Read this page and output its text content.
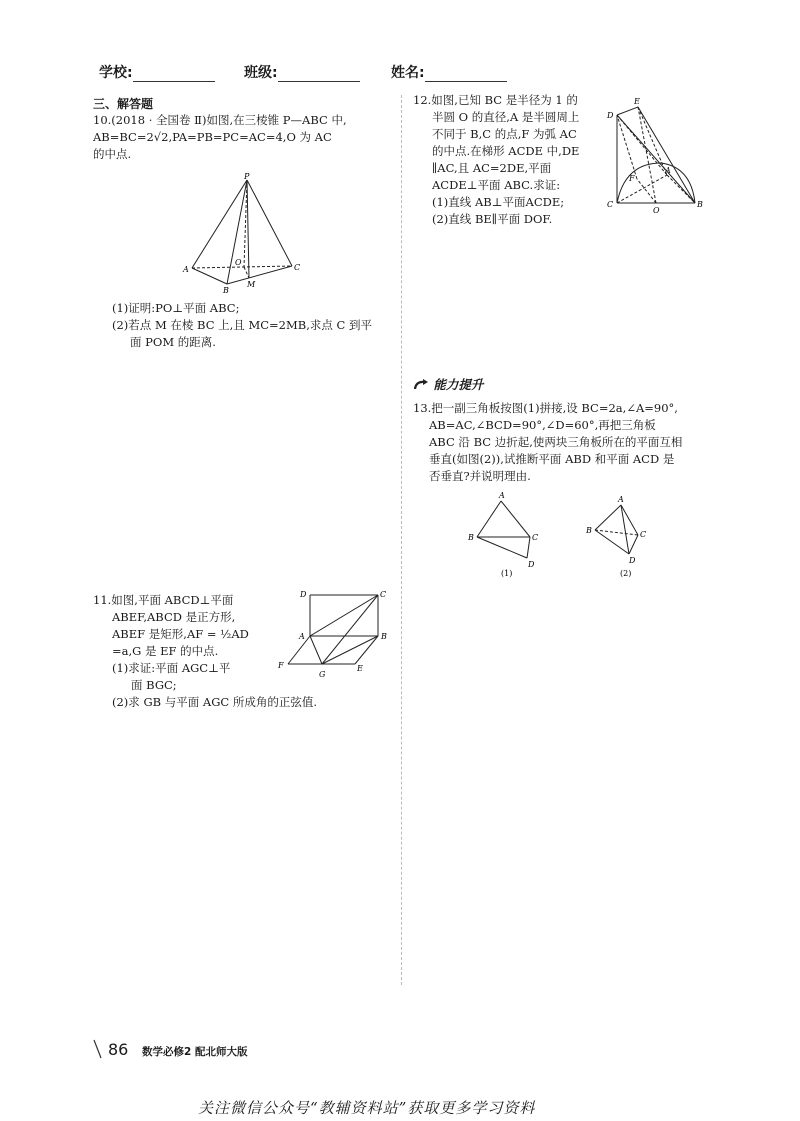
学校:	班级:	姓名:
三、解答题
10.(2018 · 全国卷 Ⅱ)如图,在三棱锥 P—ABC 中,
AB=BC=2√2,PA=PB=PC=AC=4,O 为 AC
的中点.
P
A
O
C
B
M
(1)证明:PO⊥平面 ABC;
(2)若点 M 在棱 BC 上,且 MC=2MB,求点 C 到平
面 POM 的距离.
11.如图,平面 ABCD⊥平面
ABEF,ABCD 是正方形,
ABEF 是矩形,AF = ½AD
=a,G 是 EF 的中点.
(1)求证:平面 AGC⊥平
面 BGC;
(2)求 GB 与平面 AGC 所成角的正弦值.
D	C
A	B
F
G
E
12.如图,已知 BC 是半径为 1 的
半圆 O 的直径,A 是半圆周上
不同于 B,C 的点,F 为弧 AC
的中点.在梯形 ACDE 中,DE
∥AC,且 AC=2DE,平面
ACDE⊥平面 ABC.求证:
(1)直线 AB⊥平面ACDE;
(2)直线 BE∥平面 DOF.
E
D
F
A
C
O
B
能力提升
13.把一副三角板按图(1)拼接,设 BC=2a,∠A=90°,
AB=AC,∠BCD=90°,∠D=60°,再把三角板
ABC 沿 BC 边折起,使两块三角板所在的平面互相
垂直(如图(2)),试推断平面 ABD 和平面 ACD 是
否垂直?并说明理由.
A
B	C
D
(1)
A
B	C
D
(2)
86 数学必修2 配北师大版
关注微信公众号“教辅资料站”获取更多学习资料
